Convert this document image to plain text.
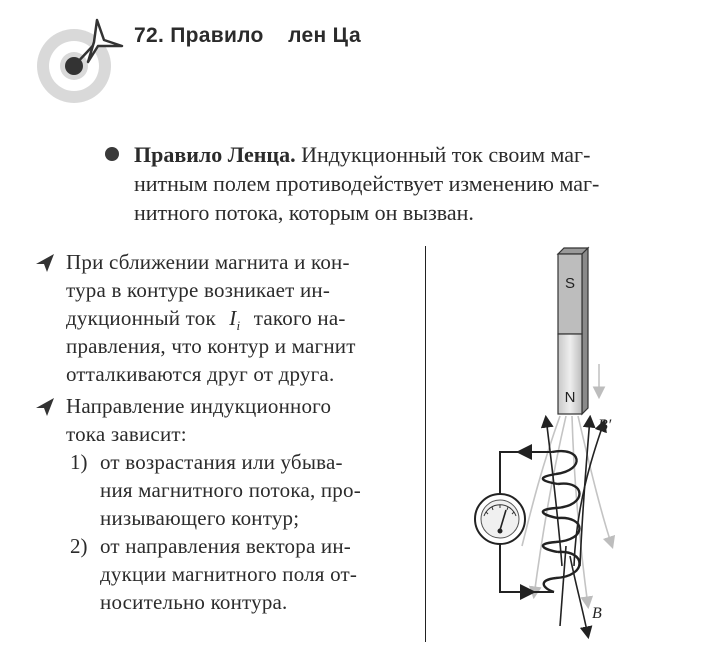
72. Правило    лен Ца
Правило Ленца. Индукционный ток своим маг-
нитным полем противодействует изменению маг-
нитного потока, которым он вызван.
При сближении магнита и кон-
тура в контуре возникает ин-
дукционный ток $I_i$ такого на-
правления, что контур и магнит
отталкиваются друг от друга.
Направление индукционного
тока зависит:
1) от возрастания или убыва-
ния магнитного потока, про-
низывающего контур;
2) от направления вектора ин-
дукции магнитного поля от-
носительно контура.
S
N
B′
B
